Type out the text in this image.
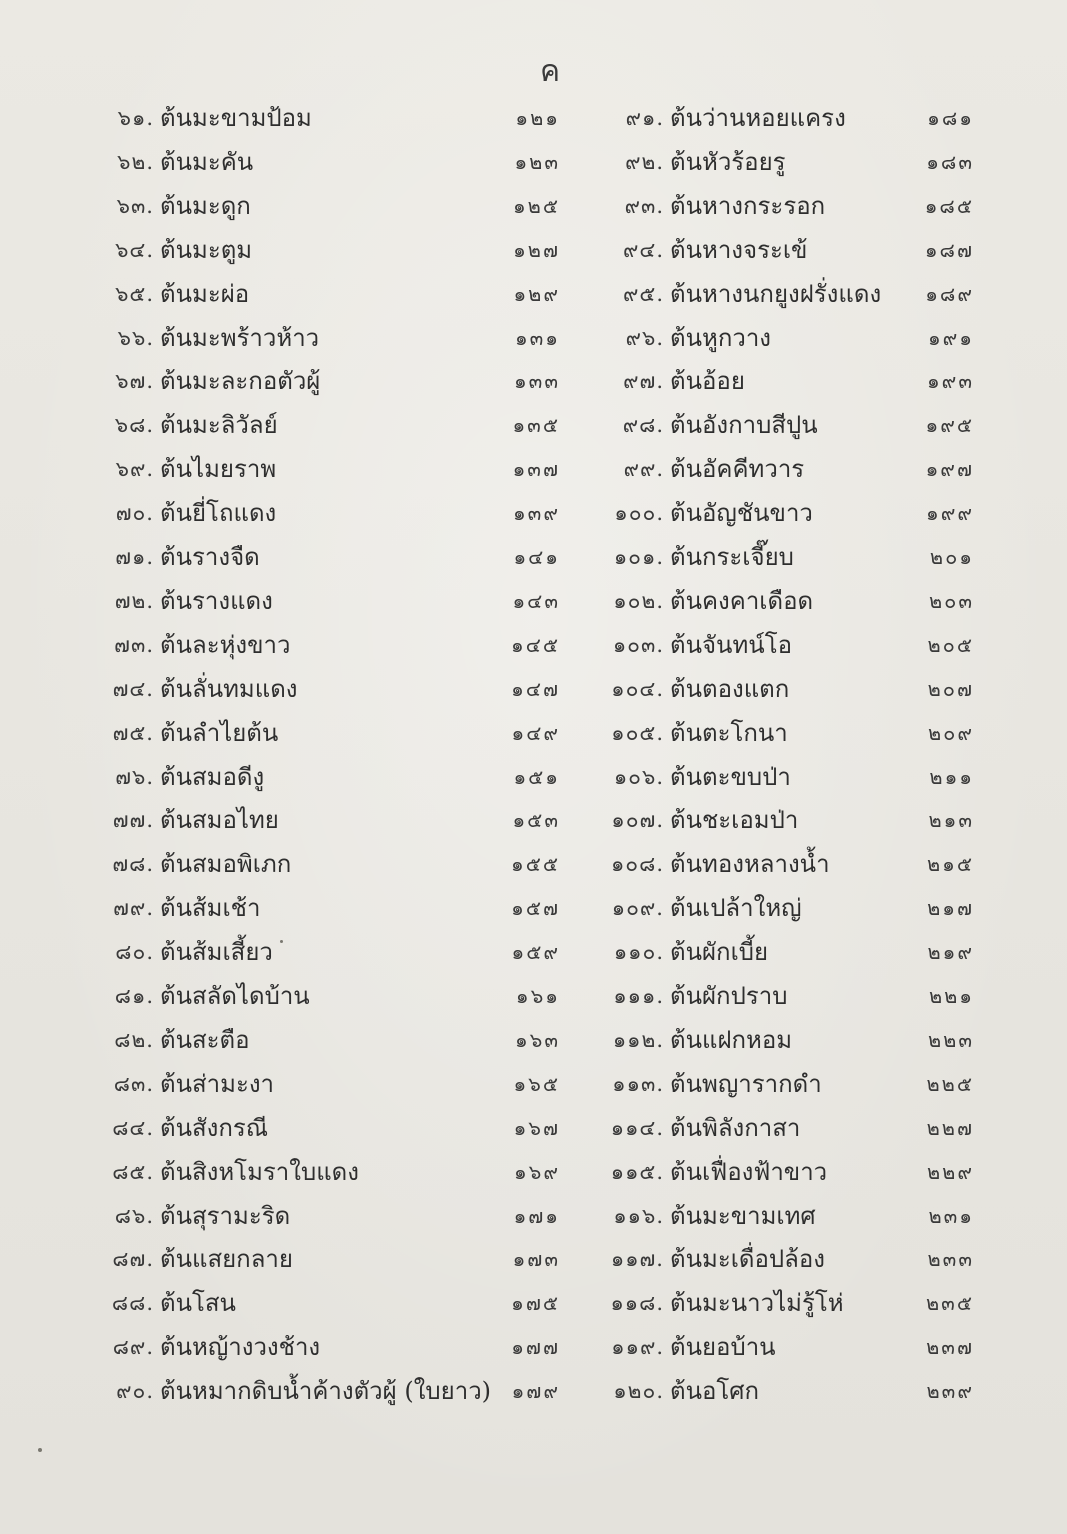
ค
๖๑. ต้นมะขามป้อม	๑๒๑	๙๑. ต้นว่านหอยแครง	๑๘๑
๖๒. ต้นมะคัน	๑๒๓	๙๒. ต้นหัวร้อยรู	๑๘๓
๖๓. ต้นมะดูก	๑๒๕	๙๓. ต้นหางกระรอก	๑๘๕
๖๔. ต้นมะตูม	๑๒๗	๙๔. ต้นหางจระเข้	๑๘๗
๖๕. ต้นมะผ่อ	๑๒๙	๙๕. ต้นหางนกยูงฝรั่งแดง	๑๘๙
๖๖. ต้นมะพร้าวห้าว	๑๓๑	๙๖. ต้นหูกวาง	๑๙๑
๖๗. ต้นมะละกอตัวผู้	๑๓๓	๙๗. ต้นอ้อย	๑๙๓
๖๘. ต้นมะลิวัลย์	๑๓๕	๙๘. ต้นอังกาบสีปูน	๑๙๕
๖๙. ต้นไมยราพ	๑๓๗	๙๙. ต้นอัคคีทวาร	๑๙๗
๗๐. ต้นยี่โถแดง	๑๓๙	๑๐๐. ต้นอัญชันขาว	๑๙๙
๗๑. ต้นรางจืด	๑๔๑	๑๐๑. ต้นกระเจี๊ยบ	๒๐๑
๗๒. ต้นรางแดง	๑๔๓	๑๐๒. ต้นคงคาเดือด	๒๐๓
๗๓. ต้นละหุ่งขาว	๑๔๕	๑๐๓. ต้นจันทน์โอ	๒๐๕
๗๔. ต้นลั่นทมแดง	๑๔๗	๑๐๔. ต้นตองแตก	๒๐๗
๗๕. ต้นลำไยต้น	๑๔๙	๑๐๕. ต้นตะโกนา	๒๐๙
๗๖. ต้นสมอดีงู	๑๕๑	๑๐๖. ต้นตะขบป่า	๒๑๑
๗๗. ต้นสมอไทย	๑๕๓	๑๐๗. ต้นชะเอมป่า	๒๑๓
๗๘. ต้นสมอพิเภก	๑๕๕	๑๐๘. ต้นทองหลางน้ำ	๒๑๕
๗๙. ต้นส้มเช้า	๑๕๗	๑๐๙. ต้นเปล้าใหญ่	๒๑๗
๘๐. ต้นส้มเสี้ยว	๑๕๙	๑๑๐. ต้นผักเบี้ย	๒๑๙
๘๑. ต้นสลัดไดบ้าน	๑๖๑	๑๑๑. ต้นผักปราบ	๒๒๑
๘๒. ต้นสะตือ	๑๖๓	๑๑๒. ต้นแฝกหอม	๒๒๓
๘๓. ต้นส่ามะงา	๑๖๕	๑๑๓. ต้นพญารากดำ	๒๒๕
๘๔. ต้นสังกรณี	๑๖๗	๑๑๔. ต้นพิลังกาสา	๒๒๗
๘๕. ต้นสิงหโมราใบแดง	๑๖๙	๑๑๕. ต้นเฟื่องฟ้าขาว	๒๒๙
๘๖. ต้นสุรามะริด	๑๗๑	๑๑๖. ต้นมะขามเทศ	๒๓๑
๘๗. ต้นแสยกลาย	๑๗๓	๑๑๗. ต้นมะเดื่อปล้อง	๒๓๓
๘๘. ต้นโสน	๑๗๕	๑๑๘. ต้นมะนาวไม่รู้โห่	๒๓๕
๘๙. ต้นหญ้างวงช้าง	๑๗๗	๑๑๙. ต้นยอบ้าน	๒๓๗
๙๐. ต้นหมากดิบน้ำค้างตัวผู้ (ใบยาว)	๑๗๙	๑๒๐. ต้นอโศก	๒๓๙
